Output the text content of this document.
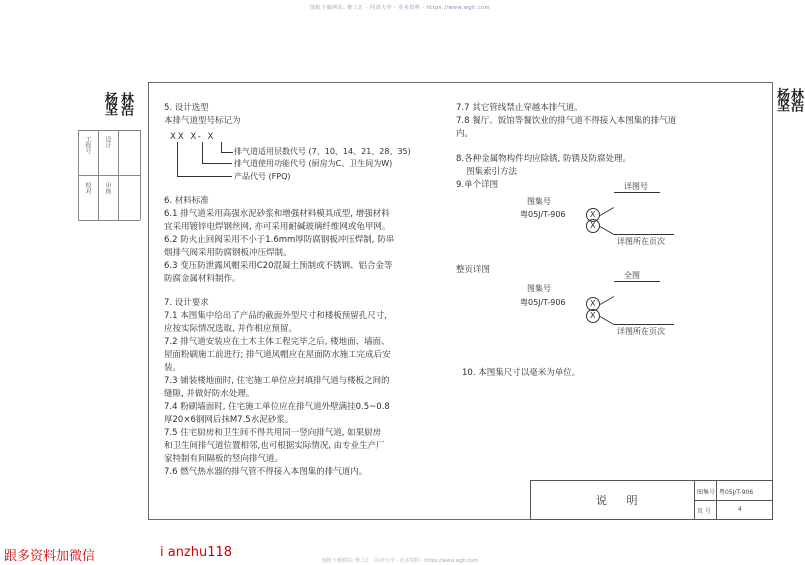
图纸下载网站: 维工汇 · 同济大学 · 更多资料 · https://www.wgh.com
杨坚 林浩	杨坚 林浩
工程号 设计
校对 审核
5. 设计选型
本排气道型号标记为
XX X- X
排气道适用层数代号 (7、10、14、21、28、35)
排气道使用功能代号 (厨房为C、卫生间为W)
产品代号 (FPQ)
6. 材料标准
6.1 排气道采用高强水泥砂浆和增强材料模具成型, 增强材料
宜采用镀锌电焊钢丝网, 亦可采用耐碱玻璃纤维网或龟甲网。
6.2 防火止回阀采用不小于1.6mm厚防腐钢板冲压焊制, 防串
烟排气阀采用防腐钢板冲压焊制。
6.3 变压防泄露风帽采用C20混凝土预制或不锈钢、铝合金等
防腐金属材料制作。
7. 设计要求
7.1 本图集中给出了产品的截面外型尺寸和楼板预留孔尺寸,
应按实际情况选取, 并作相应预留。
7.2 排气道安装应在土木主体工程完毕之后, 楼地面、墙面、
屋面粉刷施工前进行; 排气道风帽应在屋面防水施工完成后安
装。
7.3 铺装楼地面时, 住宅施工单位应封填排气道与楼板之间的
缝隙, 并做好防水处理。
7.4 粉刷墙面时, 住宅施工单位应在排气道外壁满挂0.5~0.8
厚20×6钢网后抹M7.5水泥砂浆。
7.5 住宅厨房和卫生间不得共用同一竖向排气道, 如果厨房
和卫生间排气道位置相邻,也可根据实际情况, 由专业生产厂
家特制有间隔板的竖向排气道。
7.6 燃气热水器的排气管不得接入本图集的排气道内。
7.7 其它管线禁止穿越本排气道。
7.8 餐厅、饭馆等餐饮业的排气道不得接入本图集的排气道
内。
8.各种金属物构件均应除锈, 防锈及防腐处理。
图集索引方法
9.单个详图
图集号
粤05J/T-906	X
X
详图号
详图所在页次
整页详图
图集号
粤05J/T-906	X
X
全图
详图所在页次
10. 本图集尺寸以毫米为单位。
说 明
图集号 粤05J/T-906
页 号	4
图纸下载网站: 维工汇 · 同济大学 · 更多资料 · https://www.wgh.com
跟多资料加微信	i anzhu118
